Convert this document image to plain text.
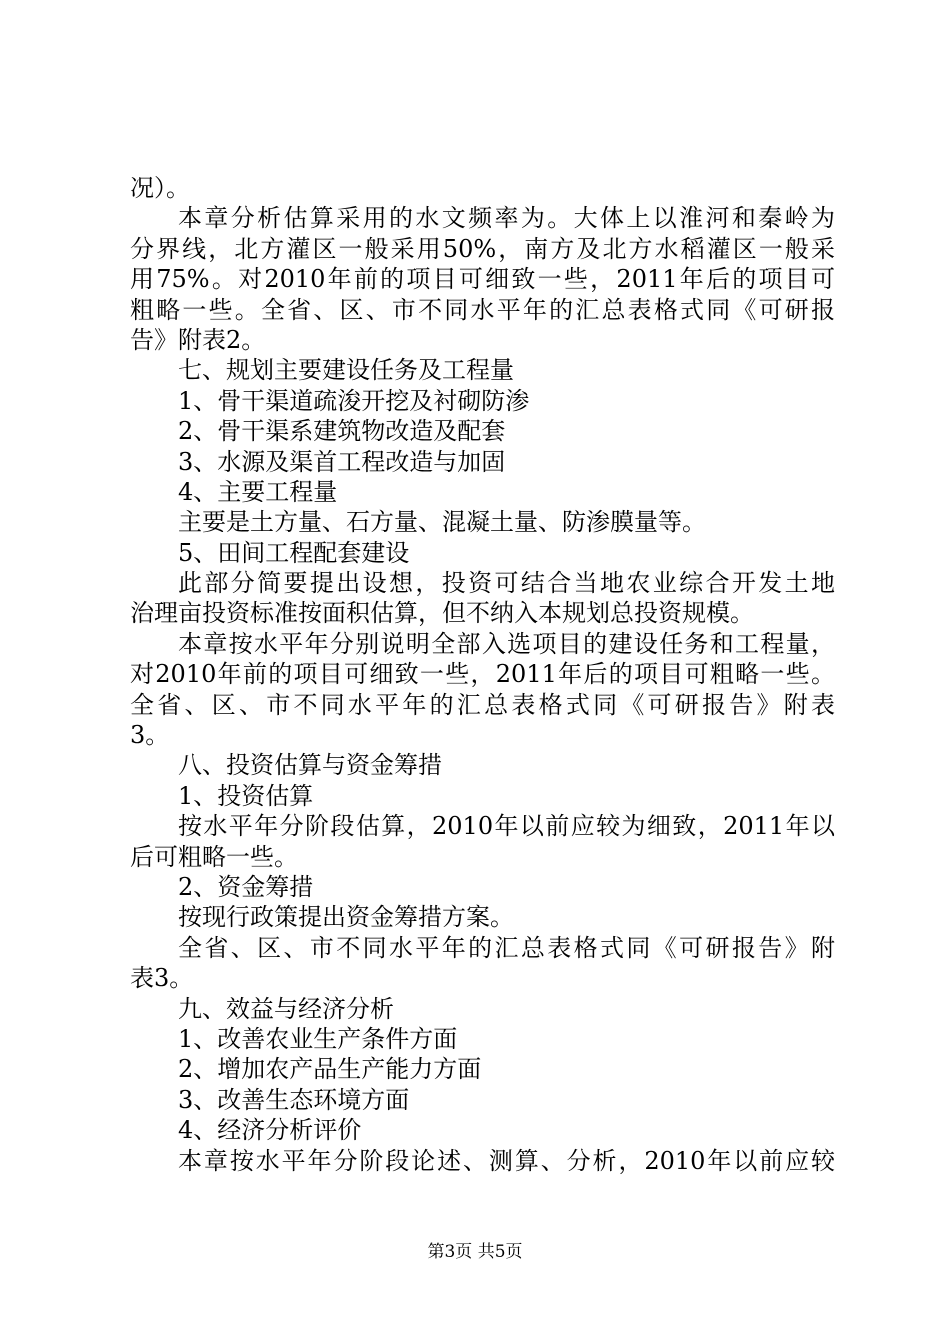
况）。
本章分析估算采用的水文频率为。大体上以淮河和秦岭为
分界线，北方灌区一般采用50%，南方及北方水稻灌区一般采
用75%。对2010年前的项目可细致一些，2011年后的项目可
粗略一些。全省、区、市不同水平年的汇总表格式同《可研报
告》附表2。
七、规划主要建设任务及工程量
1、骨干渠道疏浚开挖及衬砌防渗
2、骨干渠系建筑物改造及配套
3、水源及渠首工程改造与加固
4、主要工程量
主要是土方量、石方量、混凝土量、防渗膜量等。
5、田间工程配套建设
此部分简要提出设想，投资可结合当地农业综合开发土地
治理亩投资标准按面积估算，但不纳入本规划总投资规模。
本章按水平年分别说明全部入选项目的建设任务和工程量，
对2010年前的项目可细致一些，2011年后的项目可粗略一些。
全省、区、市不同水平年的汇总表格式同《可研报告》附表
3。
八、投资估算与资金筹措
1、投资估算
按水平年分阶段估算，2010年以前应较为细致，2011年以
后可粗略一些。
2、资金筹措
按现行政策提出资金筹措方案。
全省、区、市不同水平年的汇总表格式同《可研报告》附
表3。
九、效益与经济分析
1、改善农业生产条件方面
2、增加农产品生产能力方面
3、改善生态环境方面
4、经济分析评价
本章按水平年分阶段论述、测算、分析，2010年以前应较
第3页 共5页
